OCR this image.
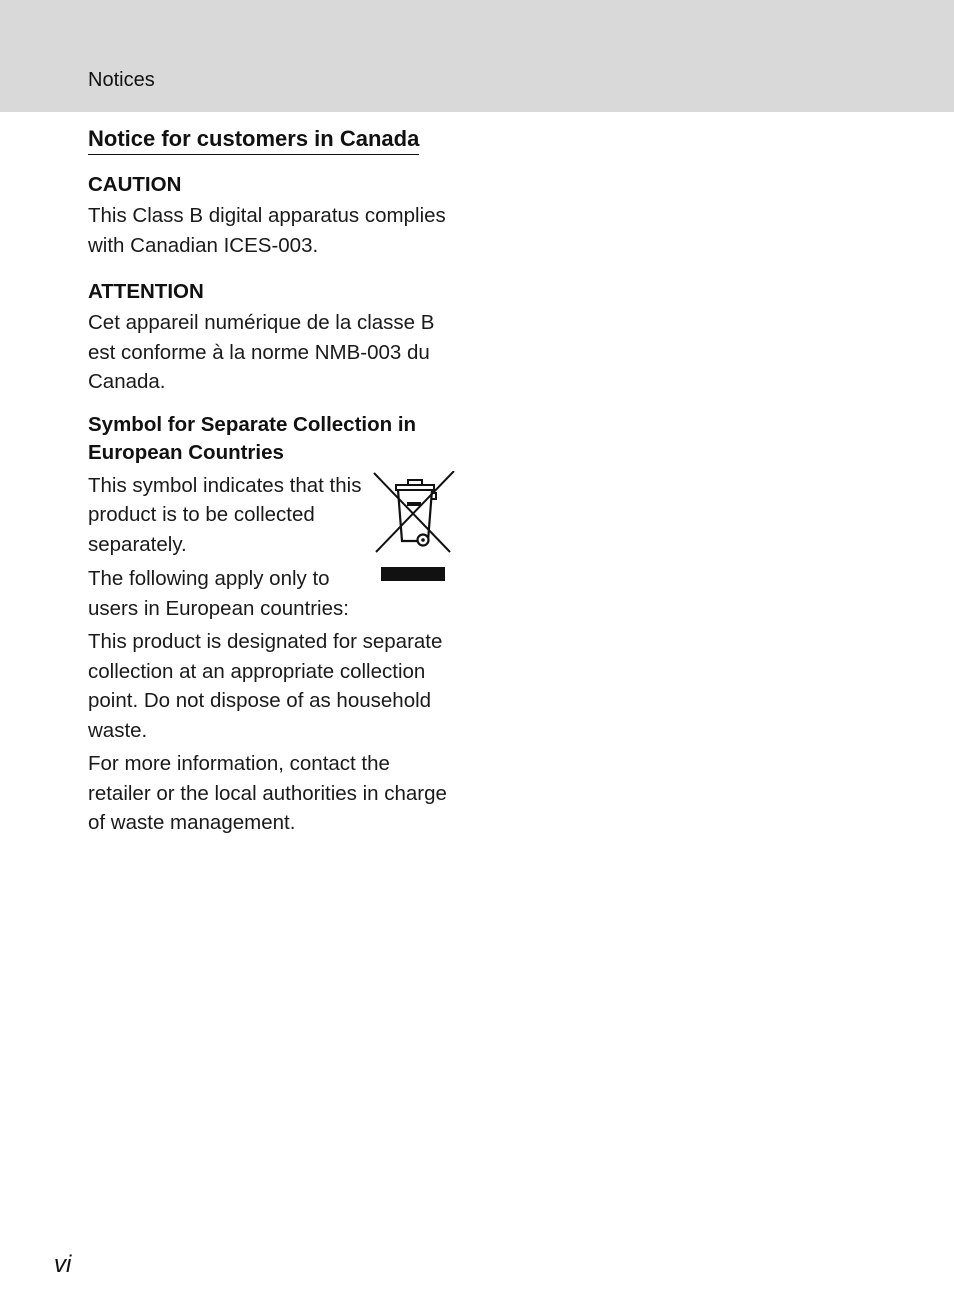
Notices
Notice for customers in Canada

CAUTION

This Class B digital apparatus complies with Canadian ICES-003.

ATTENTION

Cet appareil numérique de la classe B est conforme à la norme NMB-003 du Canada.

Symbol for Separate Collection in European Countries

This symbol indicates that this product is to be collected separately.

The following apply only to users in European countries:

This product is designated for separate collection at an appropriate collection point. Do not dispose of as household waste.

For more information, contact the retailer or the local authorities in charge of waste management.

vi
